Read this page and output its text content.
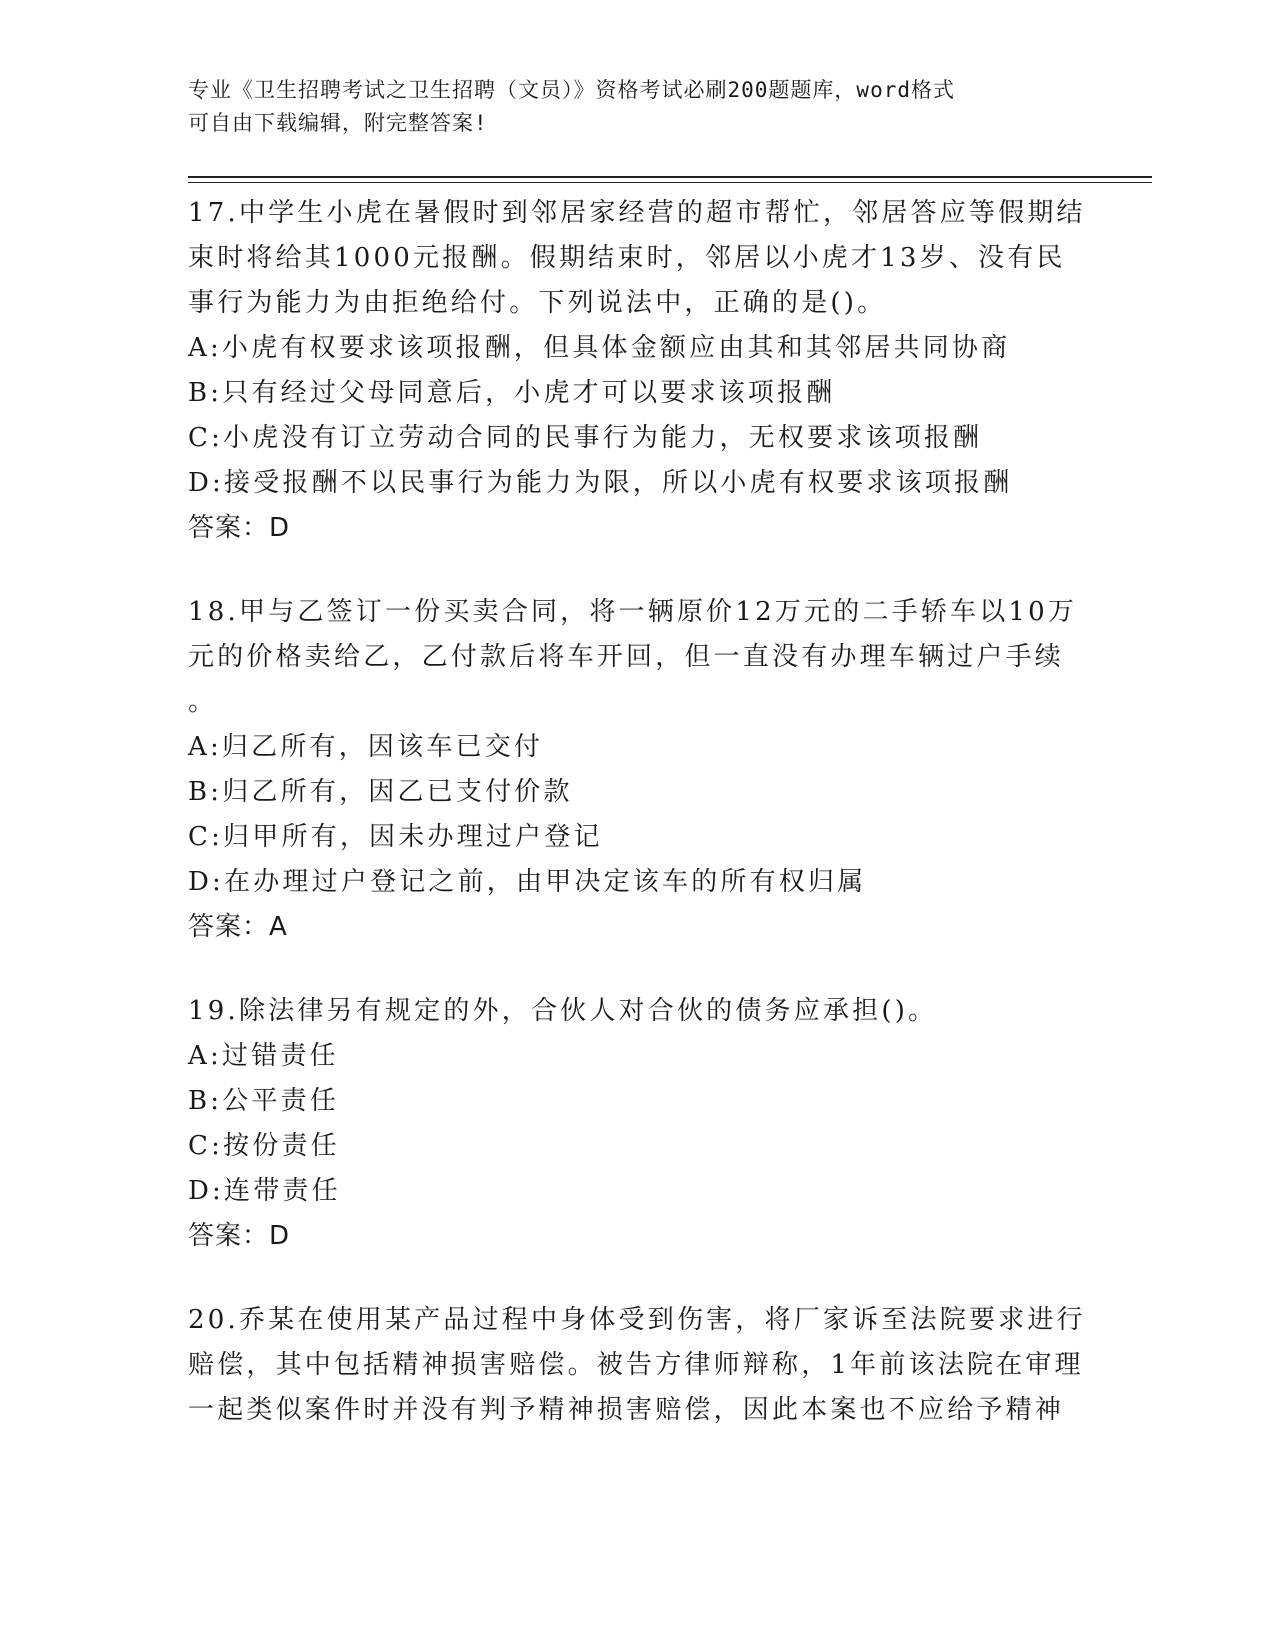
专业《卫生招聘考试之卫生招聘（文员）》资格考试必刷200题题库，word格式
可自由下载编辑，附完整答案!
17.中学生小虎在暑假时到邻居家经营的超市帮忙，邻居答应等假期结
束时将给其1000元报酬。假期结束时，邻居以小虎才13岁、没有民
事行为能力为由拒绝给付。下列说法中，正确的是()。
A:小虎有权要求该项报酬，但具体金额应由其和其邻居共同协商
B:只有经过父母同意后，小虎才可以要求该项报酬
C:小虎没有订立劳动合同的民事行为能力，无权要求该项报酬
D:接受报酬不以民事行为能力为限，所以小虎有权要求该项报酬
答案：D
18.甲与乙签订一份买卖合同，将一辆原价12万元的二手轿车以10万
元的价格卖给乙，乙付款后将车开回，但一直没有办理车辆过户手续
。
A:归乙所有，因该车已交付
B:归乙所有，因乙已支付价款
C:归甲所有，因未办理过户登记
D:在办理过户登记之前，由甲决定该车的所有权归属
答案：A
19.除法律另有规定的外，合伙人对合伙的债务应承担()。
A:过错责任
B:公平责任
C:按份责任
D:连带责任
答案：D
20.乔某在使用某产品过程中身体受到伤害，将厂家诉至法院要求进行
赔偿，其中包括精神损害赔偿。被告方律师辩称，1年前该法院在审理
一起类似案件时并没有判予精神损害赔偿，因此本案也不应给予精神
